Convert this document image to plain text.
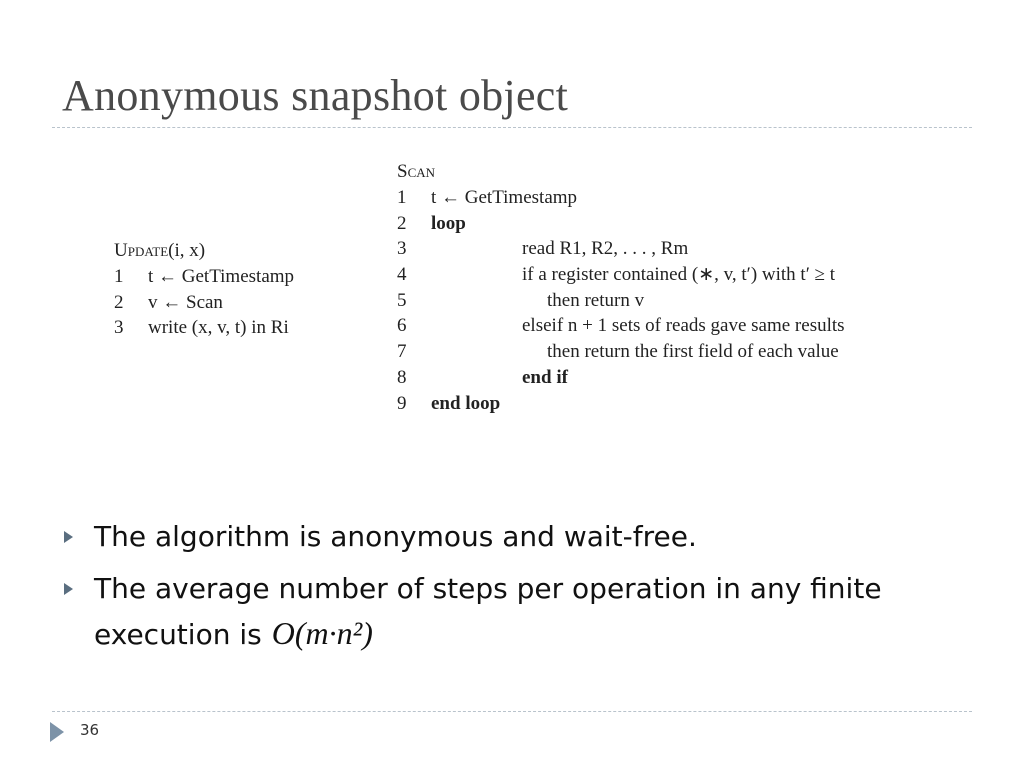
Anonymous snapshot object
Update(i, x)
1 t ← GetTimestamp
2 v ← Scan
3 write (x, v, t) in Ri
Scan
1 t ← GetTimestamp
2 loop
3	read R1, R2, . . . , Rm
4	if a register contained (∗, v, t′) with t′ ≥ t
5	then return v
6	elseif n + 1 sets of reads gave same results
7	then return the first field of each value
8	end if
9 end loop
The algorithm is anonymous and wait-free.
The average number of steps per operation in any finite execution is O(m·n²)
36
